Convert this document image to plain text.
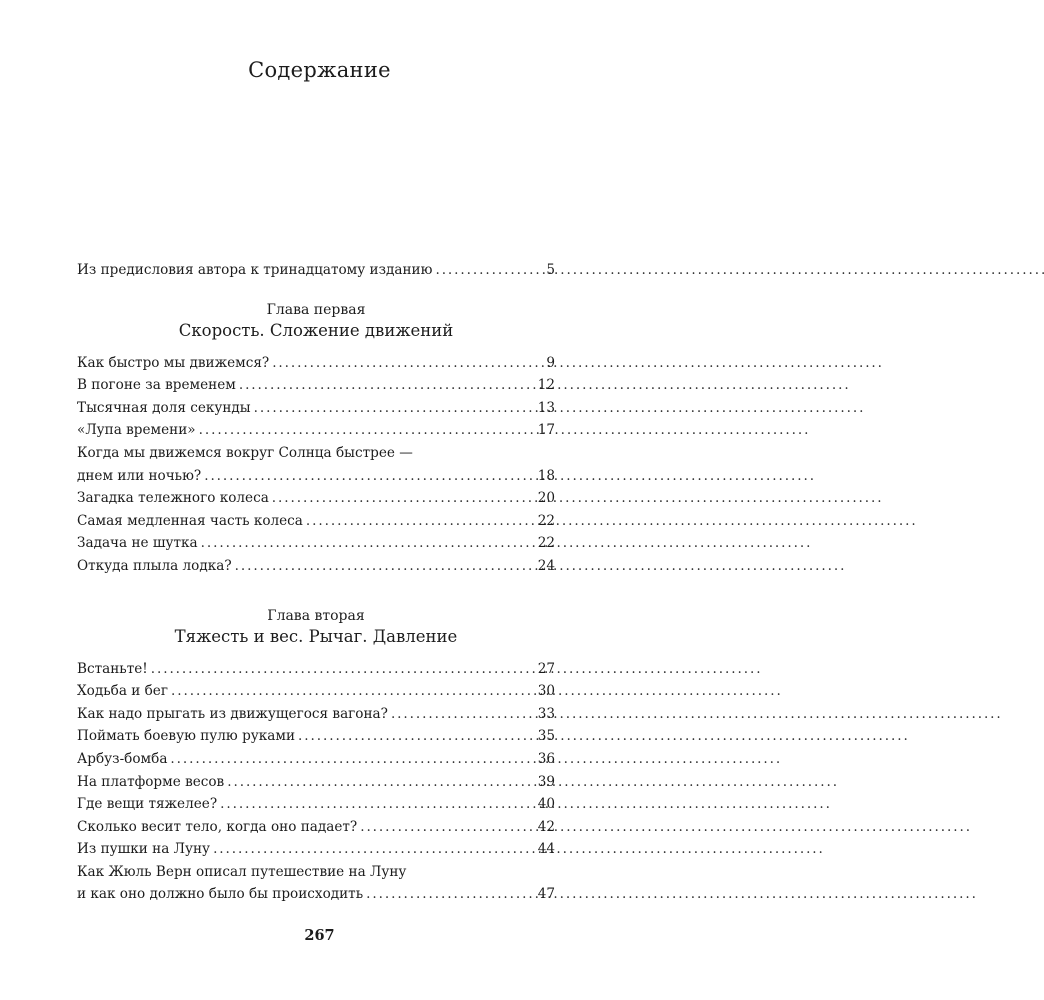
Содержание
Из предисловия автора к тринадцатому изданию . . .	5
Глава первая
Скорость. Сложение движений
Как быстро мы движемся? . . .	9
В погоне за временем . . .	12
Тысячная доля секунды . . .	13
«Лупа времени» . . .	17
Когда мы движемся вокруг Солнца быстрее —
днем или ночью? . . .	18
Загадка тележного колеса . . .	20
Самая медленная часть колеса . . .	22
Задача не шутка . . .	22
Откуда плыла лодка? . . .	24
Глава вторая
Тяжесть и вес. Рычаг. Давление
Встаньте! . . .	27
Ходьба и бег . . .	30
Как надо прыгать из движущегося вагона? . . .	33
Поймать боевую пулю руками . . .	35
Арбуз-бомба . . .	36
На платформе весов . . .	39
Где вещи тяжелее? . . .	40
Сколько весит тело, когда оно падает? . . .	42
Из пушки на Луну . . .	44
Как Жюль Верн описал путешествие на Луну
и как оно должно было бы происходить . . .	47
267
